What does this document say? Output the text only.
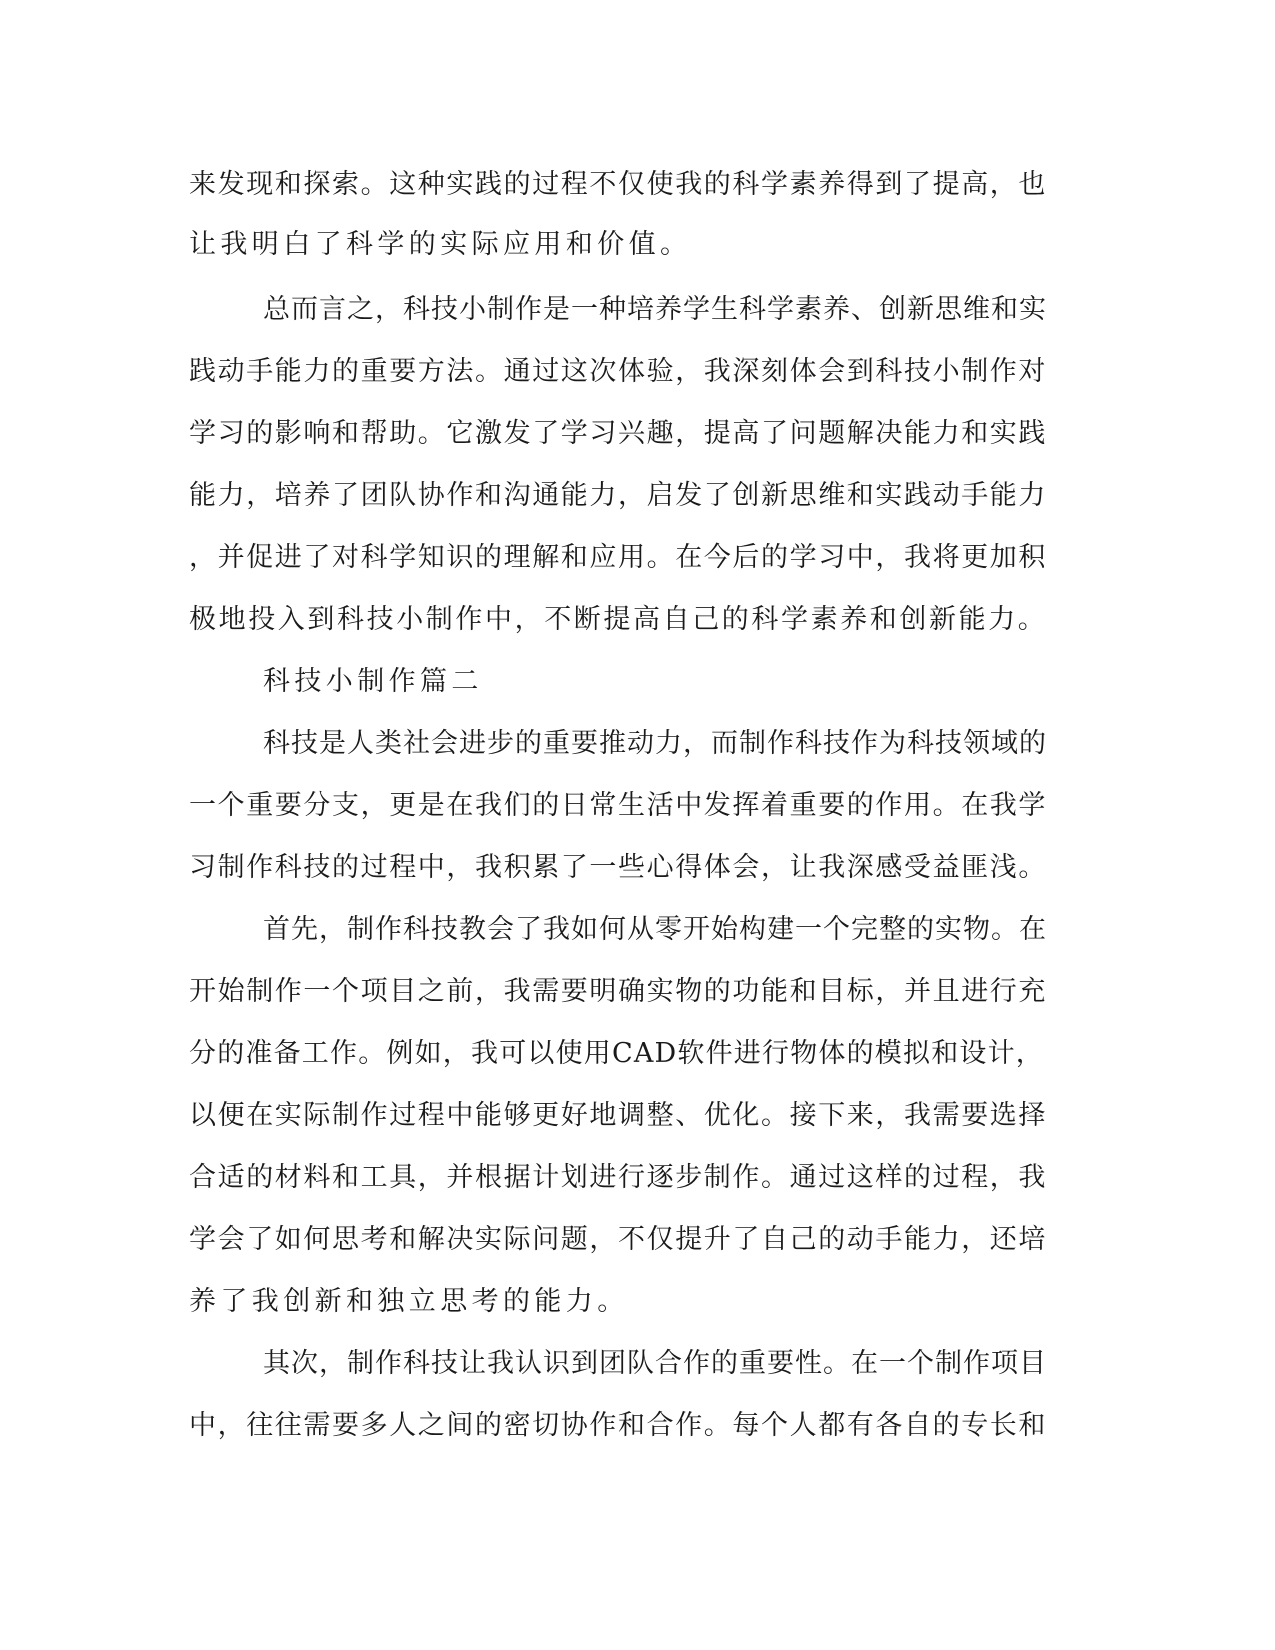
来发现和探索。这种实践的过程不仅使我的科学素养得到了提高，也
让我明白了科学的实际应用和价值。
总而言之，科技小制作是一种培养学生科学素养、创新思维和实
践动手能力的重要方法。通过这次体验，我深刻体会到科技小制作对
学习的影响和帮助。它激发了学习兴趣，提高了问题解决能力和实践
能力，培养了团队协作和沟通能力，启发了创新思维和实践动手能力
，并促进了对科学知识的理解和应用。在今后的学习中，我将更加积
极地投入到科技小制作中，不断提高自己的科学素养和创新能力。
科技小制作篇二
科技是人类社会进步的重要推动力，而制作科技作为科技领域的
一个重要分支，更是在我们的日常生活中发挥着重要的作用。在我学
习制作科技的过程中，我积累了一些心得体会，让我深感受益匪浅。
首先，制作科技教会了我如何从零开始构建一个完整的实物。在
开始制作一个项目之前，我需要明确实物的功能和目标，并且进行充
分的准备工作。例如，我可以使用CAD软件进行物体的模拟和设计，
以便在实际制作过程中能够更好地调整、优化。接下来，我需要选择
合适的材料和工具，并根据计划进行逐步制作。通过这样的过程，我
学会了如何思考和解决实际问题，不仅提升了自己的动手能力，还培
养了我创新和独立思考的能力。
其次，制作科技让我认识到团队合作的重要性。在一个制作项目
中，往往需要多人之间的密切协作和合作。每个人都有各自的专长和
